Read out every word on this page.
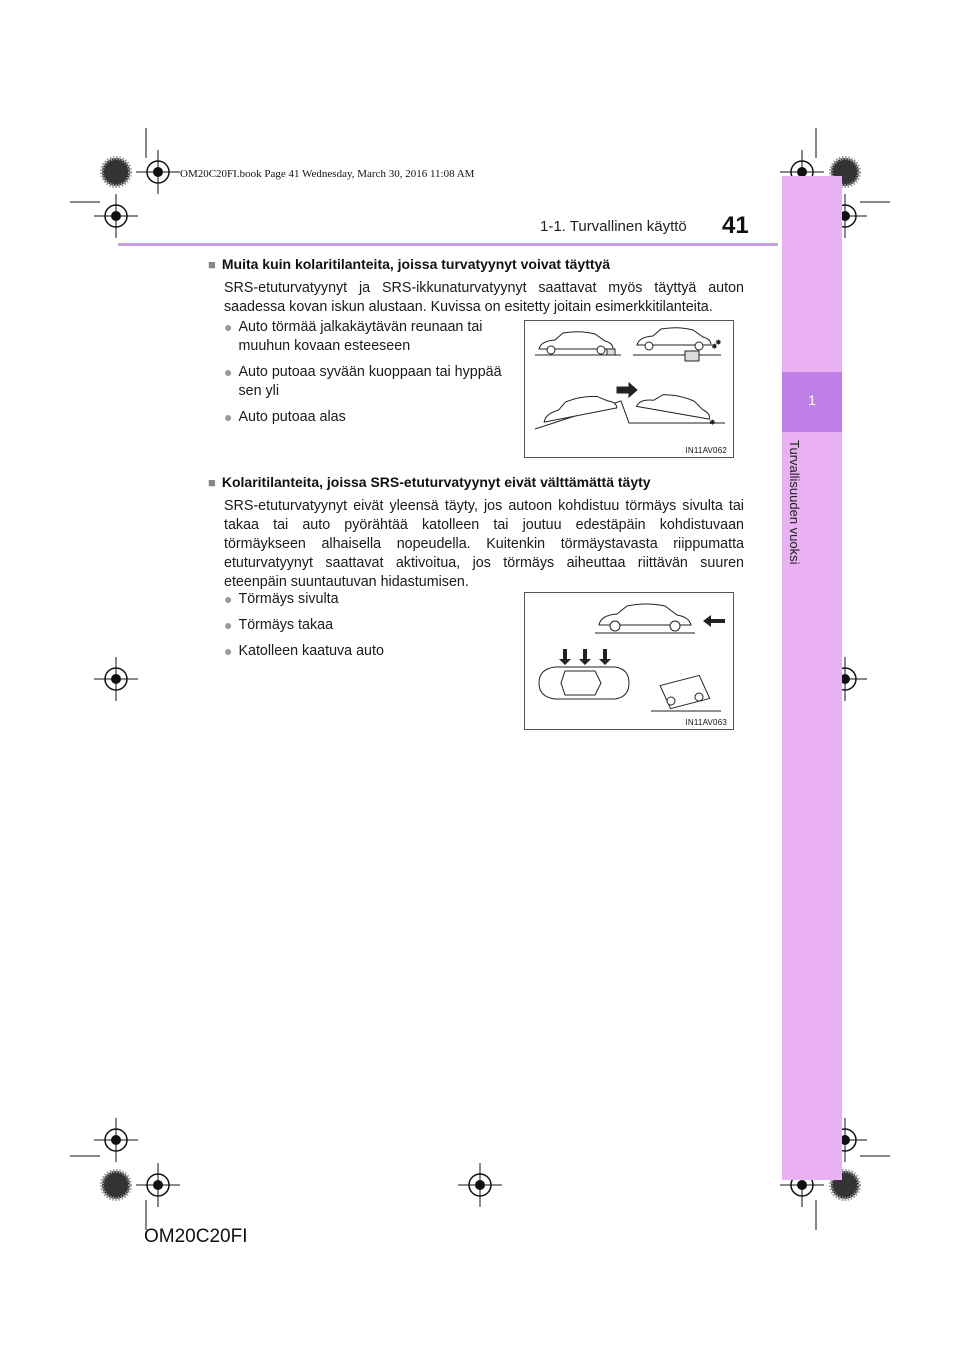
OM20C20FI.book Page 41 Wednesday, March 30, 2016 11:08 AM
1
Turvallisuuden vuoksi
1-1. Turvallinen käyttö 41
■ Muita kuin kolaritilanteita, joissa turvatyynyt voivat täyttyä
SRS-etuturvatyynyt ja SRS-ikkunaturvatyynyt saattavat myös täyttyä auton saadessa kovan iskun alustaan. Kuvissa on esitetty joitain esimerkkitilanteita.
● Auto törmää jalkakäytävän reunaan tai muuhun kovaan esteeseen
● Auto putoaa syvään kuoppaan tai hyppää sen yli
● Auto putoaa alas
✸
✸
✸
IN11AV062
■ Kolaritilanteita, joissa SRS-etuturvatyynyt eivät välttämättä täyty
SRS-etuturvatyynyt eivät yleensä täyty, jos autoon kohdistuu törmäys sivulta tai takaa tai auto pyörähtää katolleen tai joutuu edestäpäin kohdistuvaan törmäykseen alhaisella nopeudella. Kuitenkin törmäystavasta riippumatta etuturvatyynyt saattavat aktivoitua, jos törmäys aiheuttaa riittävän suuren eteenpäin suuntautuvan hidastumisen.
● Törmäys sivulta
● Törmäys takaa
● Katolleen kaatuva auto
IN11AV063
OM20C20FI
